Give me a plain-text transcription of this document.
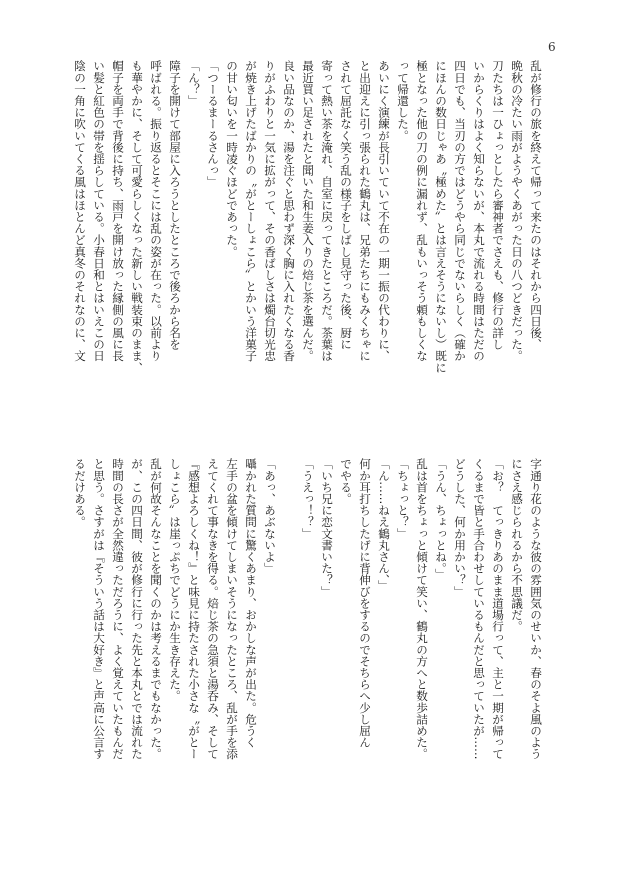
6
乱が修行の旅を終えて帰って来たのはそれから四日後、
晩秋の冷たい雨がようやくあがった日の八つどきだった。
刀たちは一ひょっとしたら審神者でさえも、修行の詳し
いからくりはよく知らないが、本丸で流れる時間はただの
四日でも、当刃の方ではどうやら同じでないらしく（確か
にほんの数日じゃあ〝極めた〟とは言えそうにないし）既に
極となった他の刀の例に漏れず、乱もいっそう頼もしくな
って帰還した。
あいにく演練が長引いていて不在の一期一振の代わりに、
と出迎えに引っ張られた鶴丸は、兄弟たちにもみくちゃに
されて屈託なく笑う乱の様子をしばし見守った後、厨に
寄って熱い茶を淹れ、自室に戻ってきたところだ。茶葉は
最近買い足されたと聞いた和生姜入りの焙じ茶を選んだ。
良い品なのか、湯を注ぐと思わず深く胸に入れたくなる香
りがふわりと一気に拡がって、その香ばしさは燭台切光忠
が焼き上げたばかりの〝がとーしょこら〟とかいう洋菓子
の甘い匂いを一時凌ぐほどであった。
「つーるまーるさんっ」
「ん？」
障子を開けて部屋に入ろうとしたところで後ろから名を
呼ばれる。振り返るとそこには乱の姿が在った。以前より
も華やかに、そして可愛らしくなった新しい戦装束のまま、
帽子を両手で背後に持ち、雨戸を開け放った縁側の風に長
い髪と紅色の帯を揺らしている。小春日和とはいえこの日
陰の一角に吹いてくる風はほとんど真冬のそれなのに、文
字通り花のような彼の雰囲気のせいか、春のそよ風のよう
にさえ感じられるから不思議だ。
「お？　てっきりあのまま道場行って、主と一期が帰って
くるまで皆と手合わせしているもんだと思っていたが……
どうした、何か用かい？」
「うん、ちょっとね。」
乱は首をちょっと傾けて笑い、鶴丸の方へと数歩詰めた。
「ちょっと？」
「ん……ねえ鶴丸さん、」
何か耳打ちしたげに背伸びをするのでそちらへ少し屈ん
でやる。
「いち兄に恋文書いた？」
「うえっ！？」

「あっ、あぶないよ」
囁かれた質問に驚くあまり、おかしな声が出た。危うく
左手の盆を傾けてしまいそうになったところ、乱が手を添
えてくれて事なきを得る。焙じ茶の急須と湯呑み、そして
『感想よろしくね！』と味見に持たされた小さな〝がとー
しょこら〟は崖っぷちでどうにか生き存えた。
乱が何故そんなことを聞くのかは考えるまでもなかった。
が、この四日間、彼が修行に行った先と本丸とでは流れた
時間の長さが全然違っただろうに、よく覚えていたもんだ
と思う。さすがは『そういう話は大好き』と声高に公言す
るだけある。
